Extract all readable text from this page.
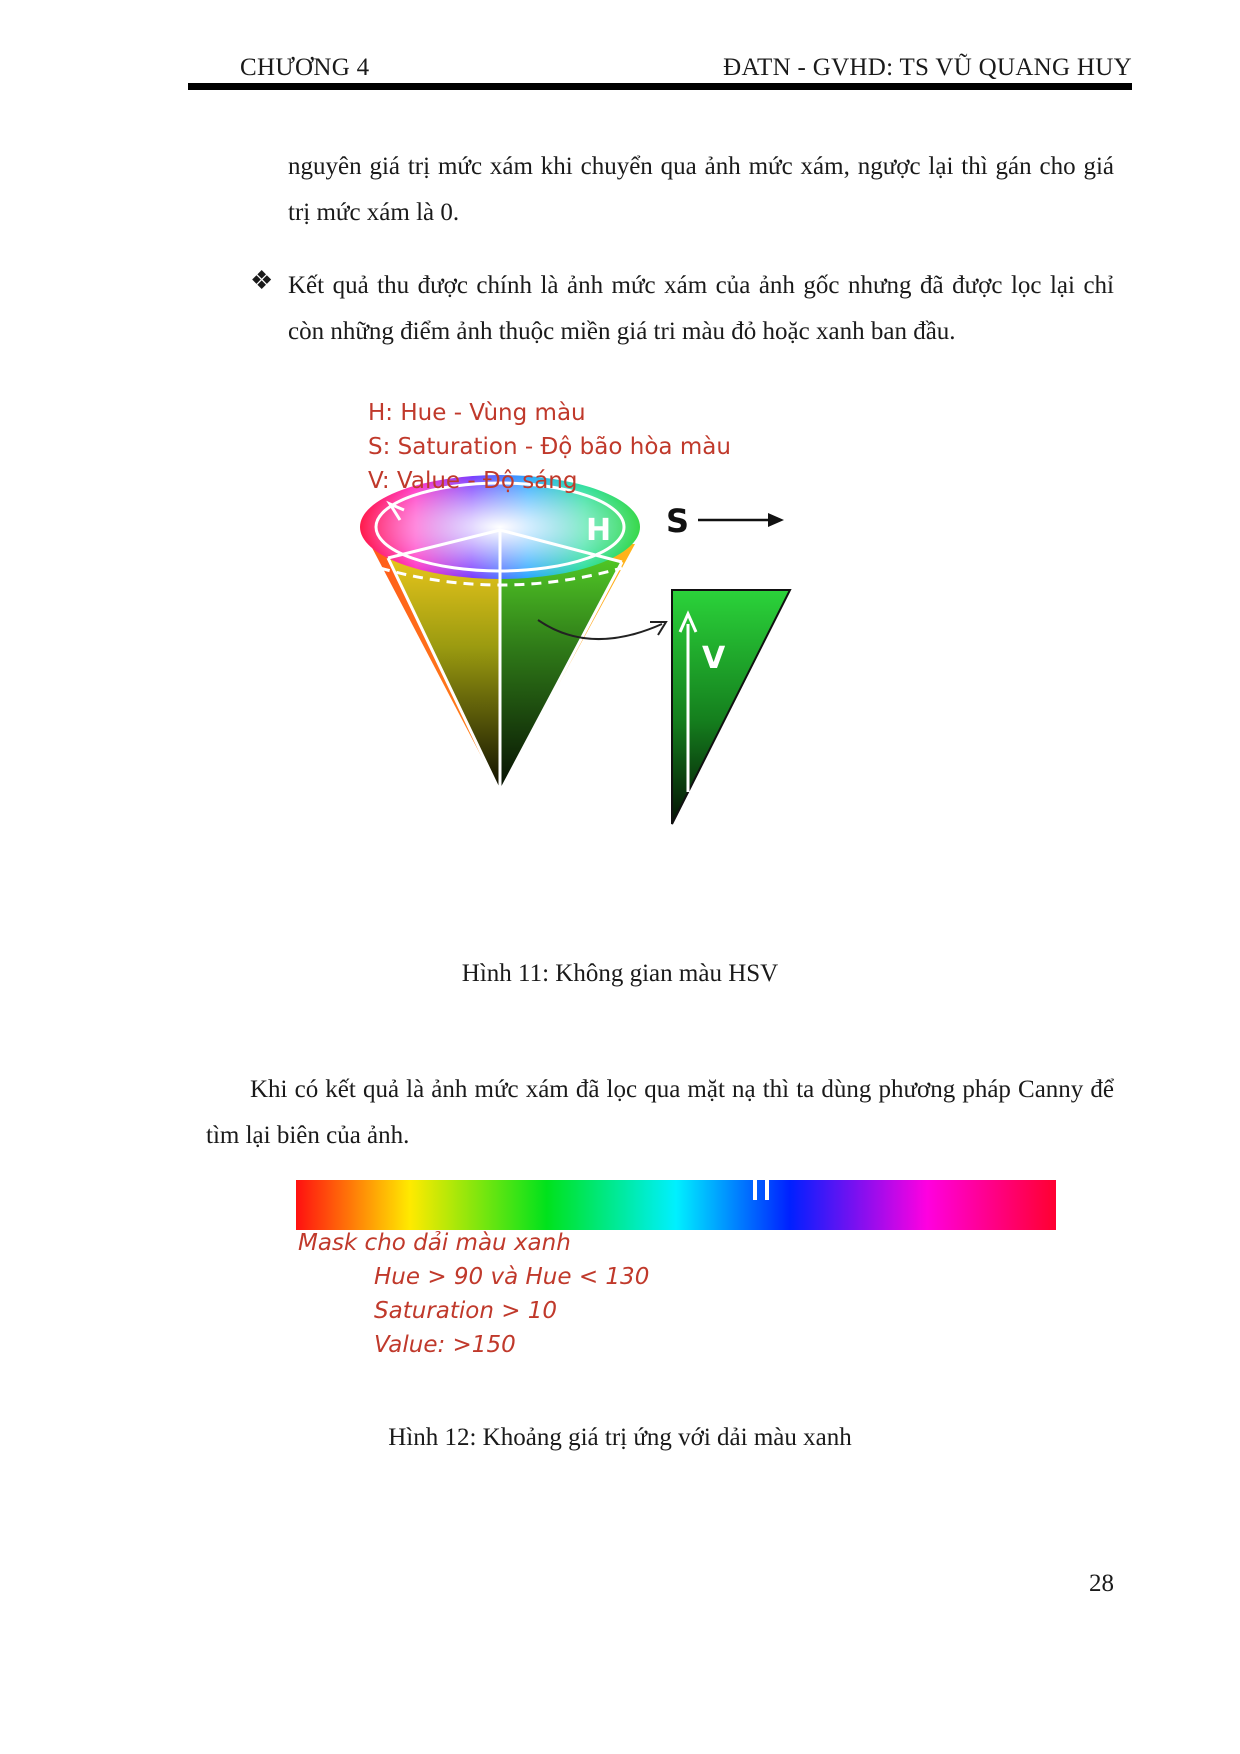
CHƯƠNG 4	ĐATN - GVHD: TS VŨ QUANG HUY
nguyên giá trị mức xám khi chuyển qua ảnh mức xám, ngược lại thì gán cho giá trị mức xám là 0.
❖ Kết quả thu được chính là ảnh mức xám của ảnh gốc nhưng đã được lọc lại chỉ còn những điểm ảnh thuộc miền giá tri màu đỏ hoặc xanh ban đầu.
H S
V
H: Hue - Vùng màu
S: Saturation - Độ bão hòa màu
V: Value - Độ sáng
Hình 11: Không gian màu HSV
Khi có kết quả là ảnh mức xám đã lọc qua mặt nạ thì ta dùng phương pháp Canny để tìm lại biên của ảnh.
Mask cho dải màu xanh
Hue > 90 và Hue < 130
Saturation > 10
Value: >150
Hình 12: Khoảng giá trị ứng với dải màu xanh
28
